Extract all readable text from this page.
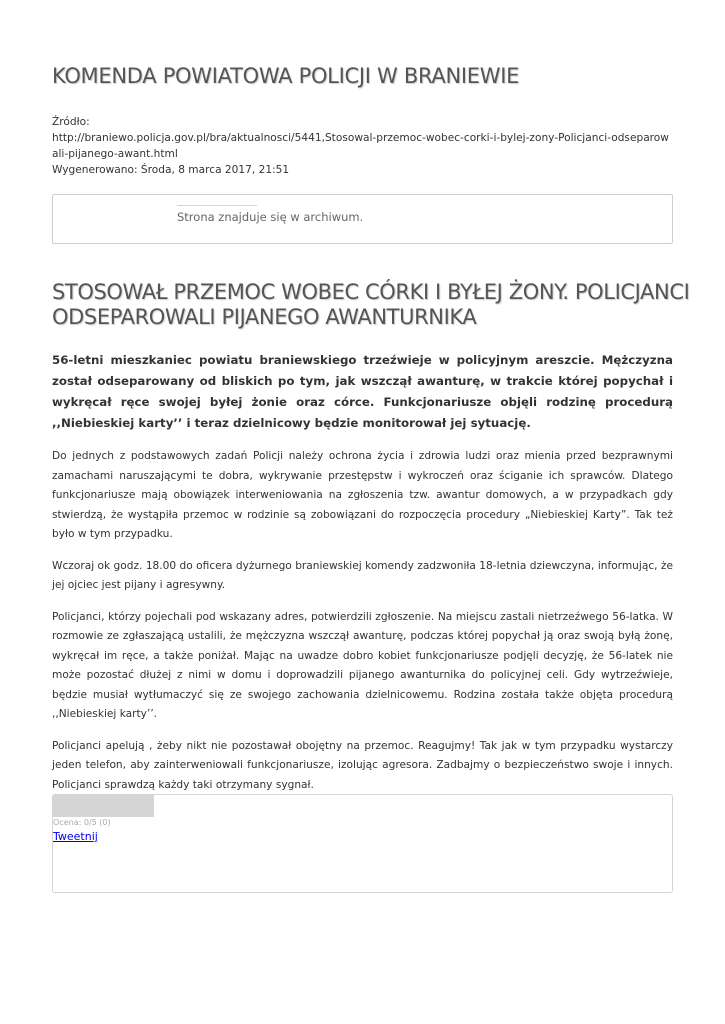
KOMENDA POWIATOWA POLICJI W BRANIEWIE
Źródło:
http://braniewo.policja.gov.pl/bra/aktualnosci/5441,Stosowal-przemoc-wobec-corki-i-bylej-zony-Policjanci-odseparowali-pijanego-awant.html
Wygenerowano: Środa, 8 marca 2017, 21:51
Strona znajduje się w archiwum.
STOSOWAŁ PRZEMOC WOBEC CÓRKI I BYŁEJ ŻONY. POLICJANCI ODSEPAROWALI PIJANEGO AWANTURNIKA

56-letni mieszkaniec powiatu braniewskiego trzeźwieje w policyjnym areszcie. Mężczyzna został odseparowany od bliskich po tym, jak wszczął awanturę, w trakcie której popychał i wykręcał ręce swojej byłej żonie oraz córce. Funkcjonariusze objęli rodzinę procedurą ,,Niebieskiej karty’’ i teraz dzielnicowy będzie monitorował jej sytuację.

Do jednych z podstawowych zadań Policji należy ochrona życia i zdrowia ludzi oraz mienia przed bezprawnymi zamachami naruszającymi te dobra, wykrywanie przestępstw i wykroczeń oraz ściganie ich sprawców. Dlatego funkcjonariusze mają obowiązek interweniowania na zgłoszenia tzw. awantur domowych, a w przypadkach gdy stwierdzą, że wystąpiła przemoc w rodzinie są zobowiązani do rozpoczęcia procedury „Niebieskiej Karty”. Tak też było w tym przypadku.

Wczoraj ok godz. 18.00 do oficera dyżurnego braniewskiej komendy zadzwoniła 18-letnia dziewczyna, informując, że jej ojciec jest pijany i agresywny.

Policjanci, którzy pojechali pod wskazany adres, potwierdzili zgłoszenie. Na miejscu zastali nietrzeźwego 56-latka. W rozmowie ze zgłaszającą ustalili, że mężczyzna wszczął awanturę, podczas której popychał ją oraz swoją byłą żonę, wykręcał im ręce, a także poniżał. Mając na uwadze dobro kobiet funkcjonariusze podjęli decyzję, że 56-latek nie może pozostać dłużej z nimi w domu i doprowadzili pijanego awanturnika do policyjnej celi. Gdy wytrzeźwieje, będzie musiał wytłumaczyć się ze swojego zachowania dzielnicowemu. Rodzina została także objęta procedurą ,,Niebieskiej karty’’.

Policjanci apelują , żeby nikt nie pozostawał obojętny na przemoc. Reagujmy! Tak jak w tym przypadku wystarczy jeden telefon, aby zainterweniowali funkcjonariusze, izolując agresora. Zadbajmy o bezpieczeństwo swoje i innych. Policjanci sprawdzą każdy taki otrzymany sygnał.

Ocena: 0/5 (0)
Tweetnij
